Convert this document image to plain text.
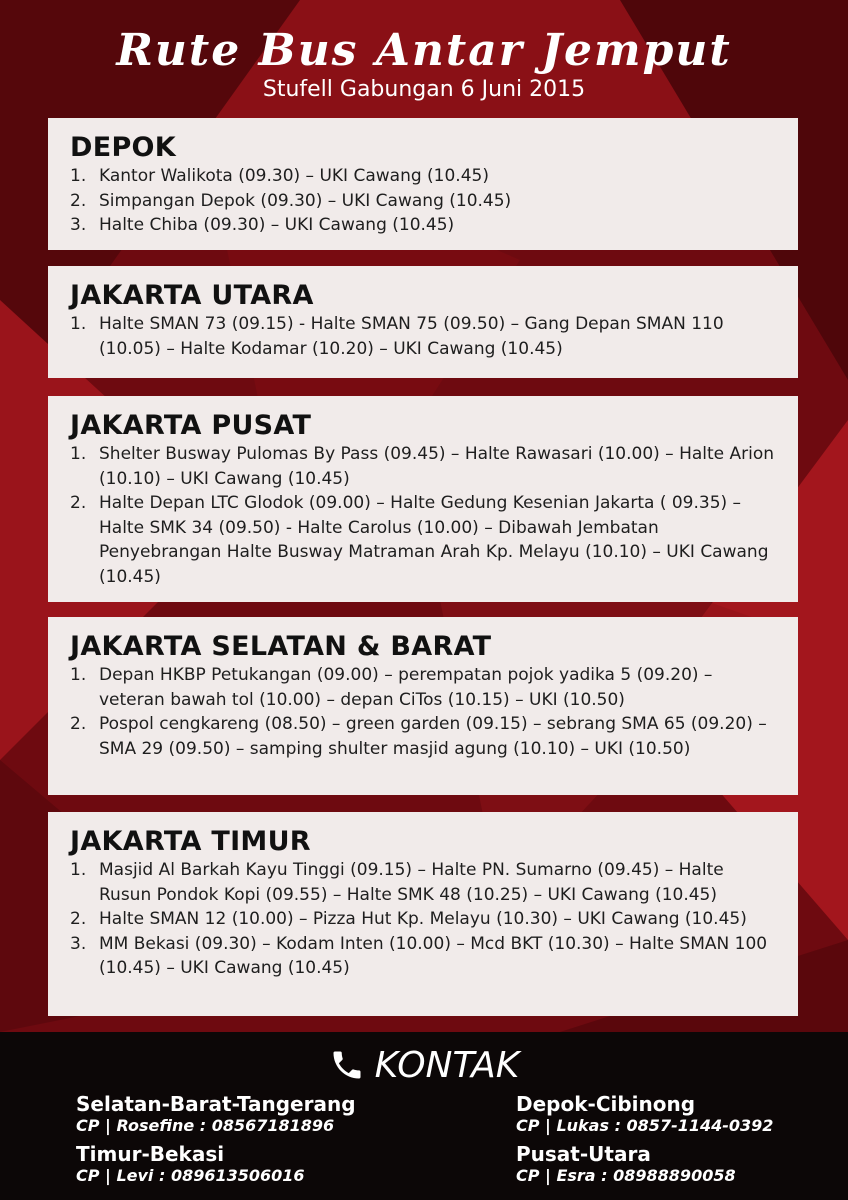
Rute Bus Antar Jemput
Stufell Gabungan 6 Juni 2015
DEPOK
1. Kantor Walikota (09.30) – UKI Cawang (10.45)
2. Simpangan Depok (09.30) – UKI Cawang (10.45)
3. Halte Chiba (09.30) – UKI Cawang (10.45)
JAKARTA UTARA
1. Halte SMAN 73 (09.15) - Halte SMAN 75 (09.50) – Gang Depan SMAN 110 (10.05) – Halte Kodamar (10.20) – UKI Cawang (10.45)
JAKARTA PUSAT
1. Shelter Busway Pulomas By Pass (09.45) – Halte Rawasari (10.00) – Halte Arion (10.10) – UKI Cawang (10.45)
2. Halte Depan LTC Glodok (09.00) – Halte Gedung Kesenian Jakarta ( 09.35) – Halte SMK 34 (09.50) - Halte Carolus (10.00) – Dibawah Jembatan Penyebrangan Halte Busway Matraman Arah Kp. Melayu (10.10) – UKI Cawang (10.45)
JAKARTA SELATAN & BARAT
1. Depan HKBP Petukangan (09.00) – perempatan pojok yadika 5 (09.20) – veteran bawah tol (10.00) – depan CiTos (10.15) – UKI (10.50)
2. Pospol cengkareng (08.50) – green garden (09.15) – sebrang SMA 65 (09.20) – SMA 29 (09.50) – samping shulter masjid agung (10.10) – UKI (10.50)
JAKARTA TIMUR
1. Masjid Al Barkah Kayu Tinggi (09.15) – Halte PN. Sumarno (09.45) – Halte Rusun Pondok Kopi (09.55) – Halte SMK 48 (10.25) – UKI Cawang (10.45)
2. Halte SMAN 12 (10.00) – Pizza Hut Kp. Melayu (10.30) – UKI Cawang (10.45)
3. MM Bekasi (09.30) – Kodam Inten (10.00) – Mcd BKT (10.30) – Halte SMAN 100 (10.45) – UKI Cawang (10.45)
KONTAK
Selatan-Barat-Tangerang
CP | Rosefine : 08567181896
Depok-Cibinong
CP | Lukas : 0857-1144-0392
Timur-Bekasi
CP | Levi : 089613506016
Pusat-Utara
CP | Esra : 08988890058
